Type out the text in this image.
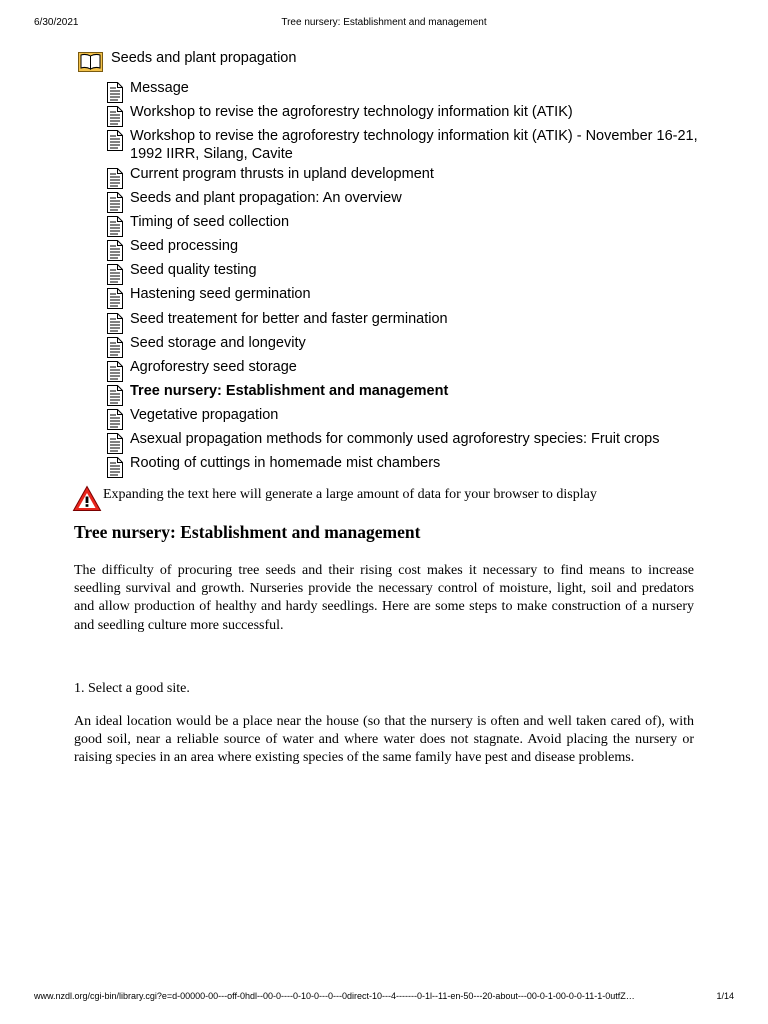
6/30/2021	Tree nursery: Establishment and management
Seeds and plant propagation
Message
Workshop to revise the agroforestry technology information kit (ATIK)
Workshop to revise the agroforestry technology information kit (ATIK) - November 16-21, 1992 IIRR, Silang, Cavite
Current program thrusts in upland development
Seeds and plant propagation: An overview
Timing of seed collection
Seed processing
Seed quality testing
Hastening seed germination
Seed treatement for better and faster germination
Seed storage and longevity
Agroforestry seed storage
Tree nursery: Establishment and management
Vegetative propagation
Asexual propagation methods for commonly used agroforestry species: Fruit crops
Rooting of cuttings in homemade mist chambers
Expanding the text here will generate a large amount of data for your browser to display
Tree nursery: Establishment and management

The difficulty of procuring tree seeds and their rising cost makes it necessary to find means to increase seedling survival and growth. Nurseries provide the necessary control of moisture, light, soil and predators and allow production of healthy and hardy seedlings. Here are some steps to make construction of a nursery and seedling culture more successful.

1. Select a good site.

An ideal location would be a place near the house (so that the nursery is often and well taken cared of), with good soil, near a reliable source of water and where water does not stagnate. Avoid placing the nursery or raising species in an area where existing species of the same family have pest and disease problems.

www.nzdl.org/cgi-bin/library.cgi?e=d-00000-00---off-0hdl--00-0----0-10-0---0---0direct-10---4-------0-1l--11-en-50---20-about---00-0-1-00-0-0-11-1-0utfZ…	1/14
